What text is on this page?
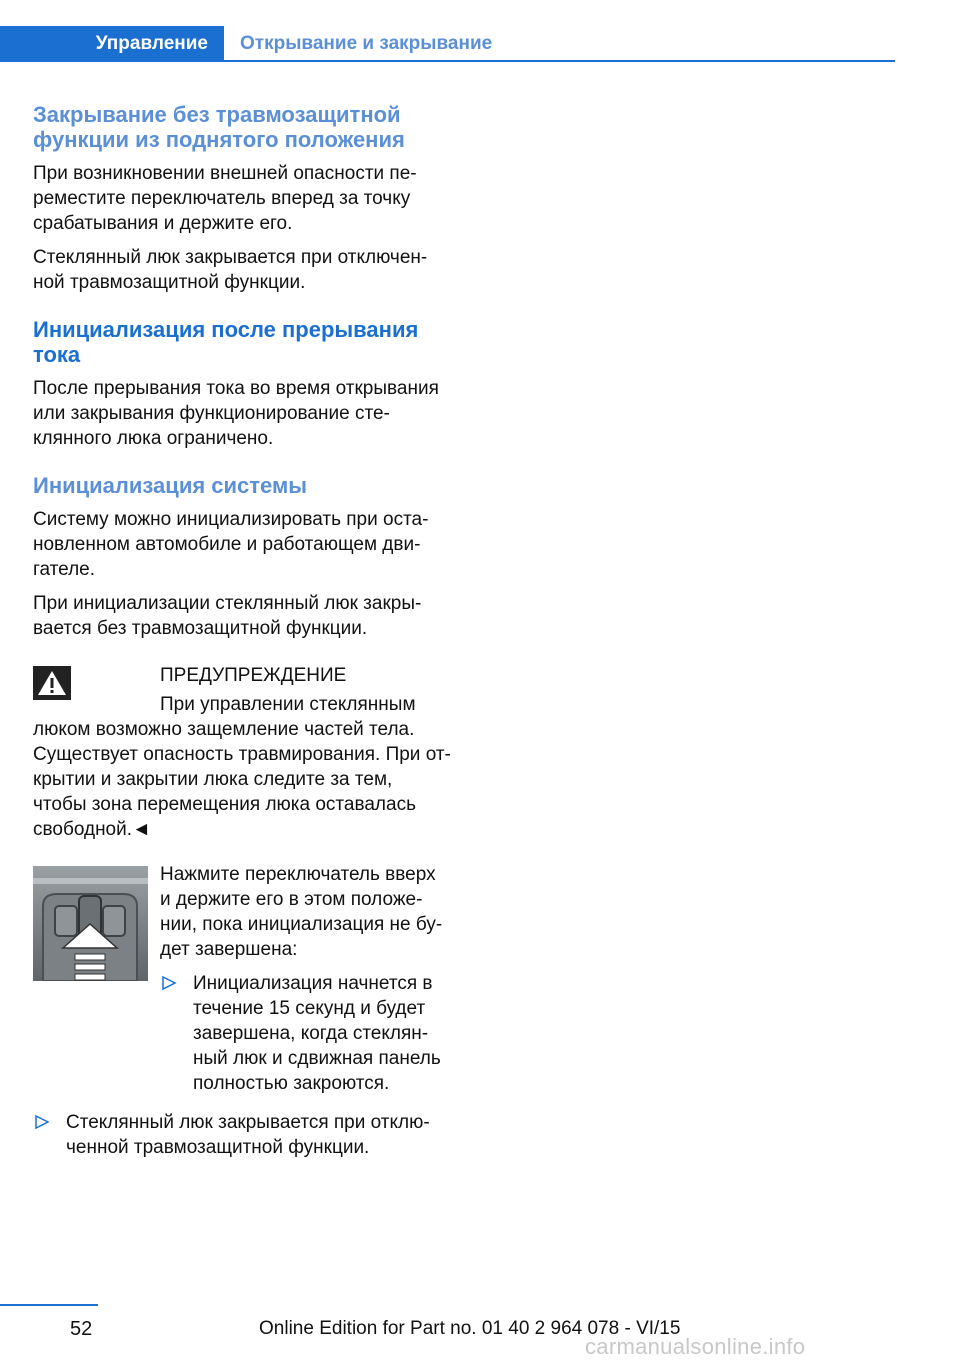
Управление	Открывание и закрывание
Закрывание без травмозащитной функции из поднятого положения

При возникновении внешней опасности переместите переключатель вперед за точку срабатывания и держите его.

Стеклянный люк закрывается при отключенной травмозащитной функции.

Инициализация после прерывания тока

После прерывания тока во время открывания или закрывания функционирование стеклянного люка ограничено.

Инициализация системы

Систему можно инициализировать при остановленном автомобиле и работающем двигателе.

При инициализации стеклянный люк закрывается без травмозащитной функции.

ПРЕДУПРЕЖДЕНИЕ

При управлении стеклянным люком возможно защемление частей тела. Существует опасность травмирования. При открытии и закрытии люка следите за тем, чтобы зона перемещения люка оставалась свободной.◄

Нажмите переключатель вверх и держите его в этом положении, пока инициализация не будет завершена:

Инициализация начнется в течение 15 секунд и будет завершена, когда стеклянный люк и сдвижная панель полностью закроются.

Стеклянный люк закрывается при отключенной травмозащитной функции.

52	Online Edition for Part no. 01 40 2 964 078 - VI/15
carmanualsonline.info
